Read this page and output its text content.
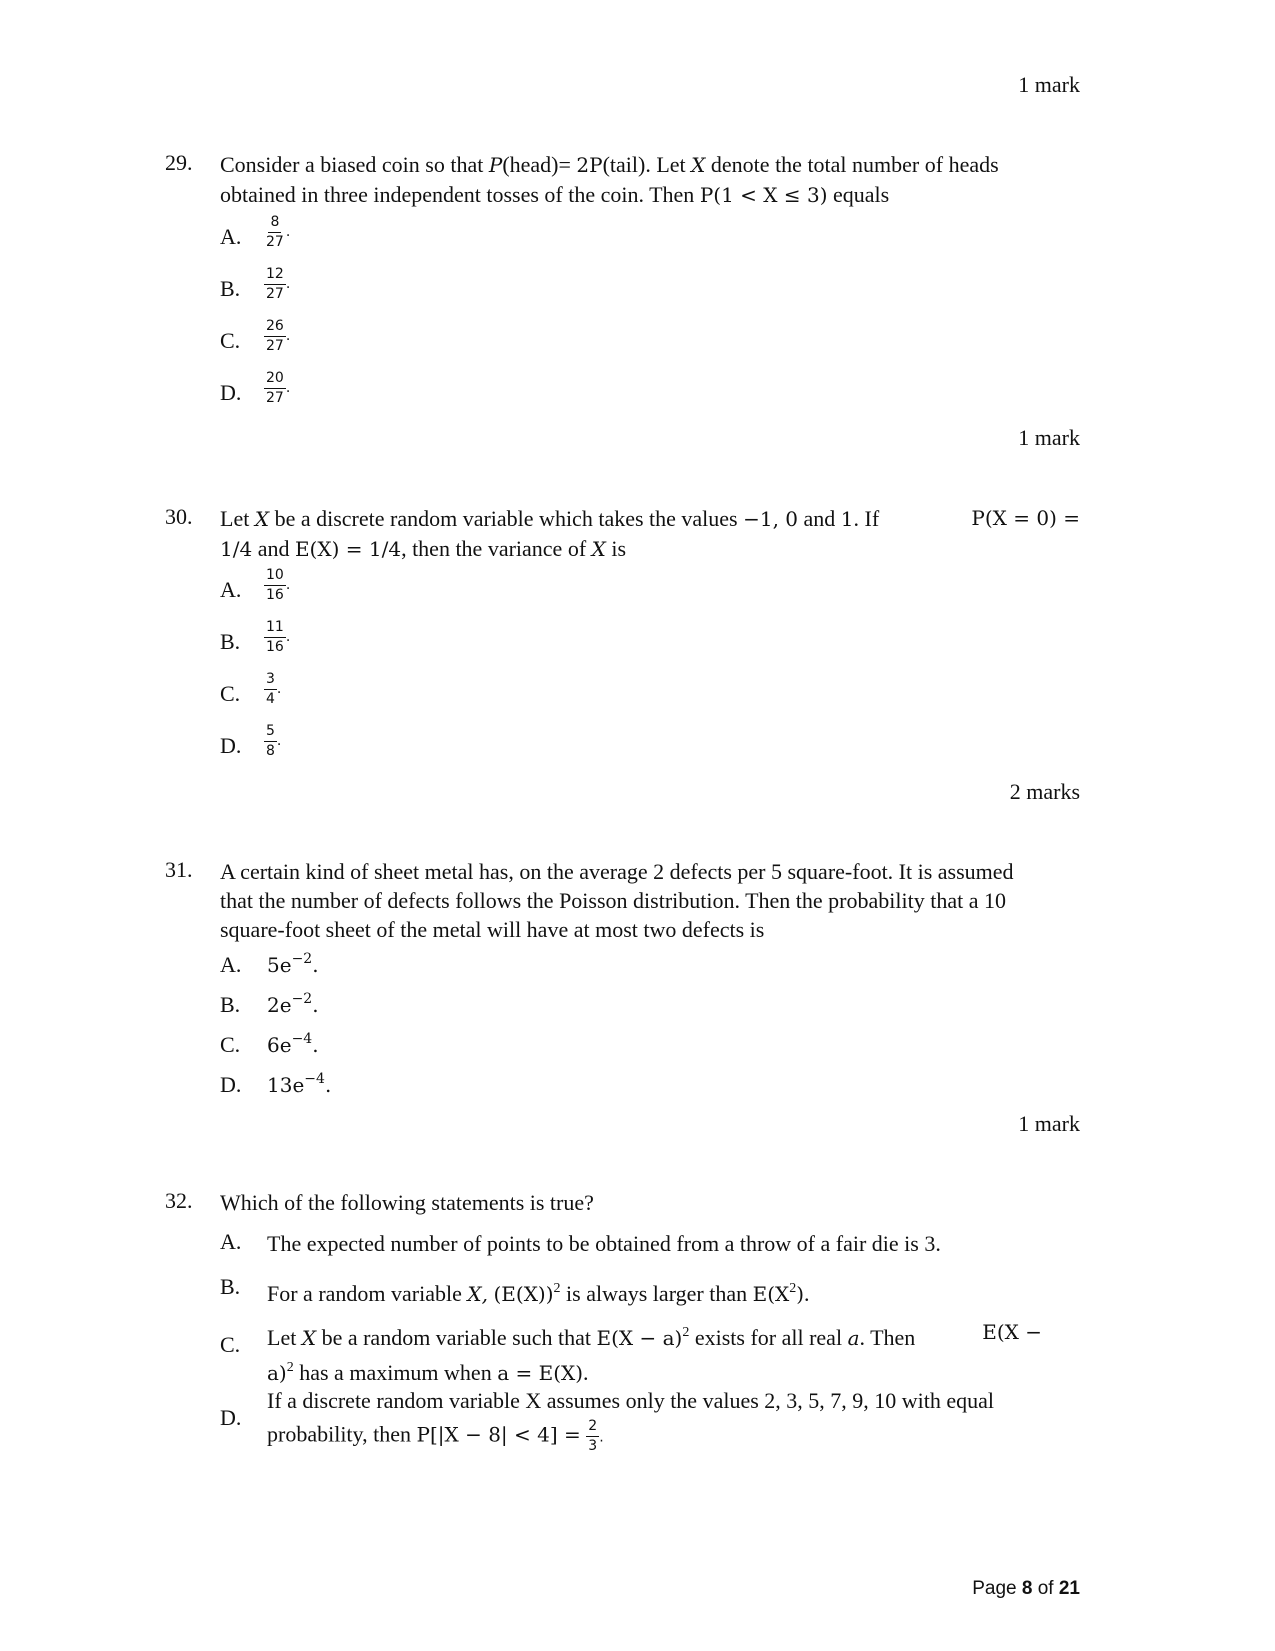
1 mark
1 mark
2 marks
1 mark
29. Consider a biased coin so that P(head)= 2P(tail). Let X denote the total number of heads
obtained in three independent tosses of the coin. Then P(1 < X ≤ 3) equals
A. $\frac{8}{27}$ .
B. $\frac{12}{27}$ .
C. $\frac{26}{27}$ .
D. $\frac{20}{27}$ .
30. Let X be a discrete random variable which takes the values −1, 0 and 1. If	P(X = 0) =
1/4 and E(X) = 1/4, then the variance of X is
A. $\frac{10}{16}$ .
B. $\frac{11}{16}$ .
C. $\frac{3}{4}$ .
D. $\frac{5}{8}$ .
31. A certain kind of sheet metal has, on the average 2 defects per 5 square-foot. It is assumed
that the number of defects follows the Poisson distribution. Then the probability that a 10
square-foot sheet of the metal will have at most two defects is
A. $5e^{-2}$.
B. $2e^{-2}$.
C. $6e^{-4}$.
D. $13e^{-4}$.
32. Which of the following statements is true?
A. The expected number of points to be obtained from a throw of a fair die is 3.
B. For a random variable X, $(E(X))^2$ is always larger than $E(X^2)$.
C. Let X be a random variable such that $E(X - a)^2$ exists for all real a. Then	E(X −
a)$^2$ has a maximum when a = E(X).
D.
If a discrete random variable X assumes only the values 2, 3, 5, 7, 9, 10 with equal
probability, then $P[|X - 8| < 4] = \frac{2}{3}$ .
Page 8 of 21
